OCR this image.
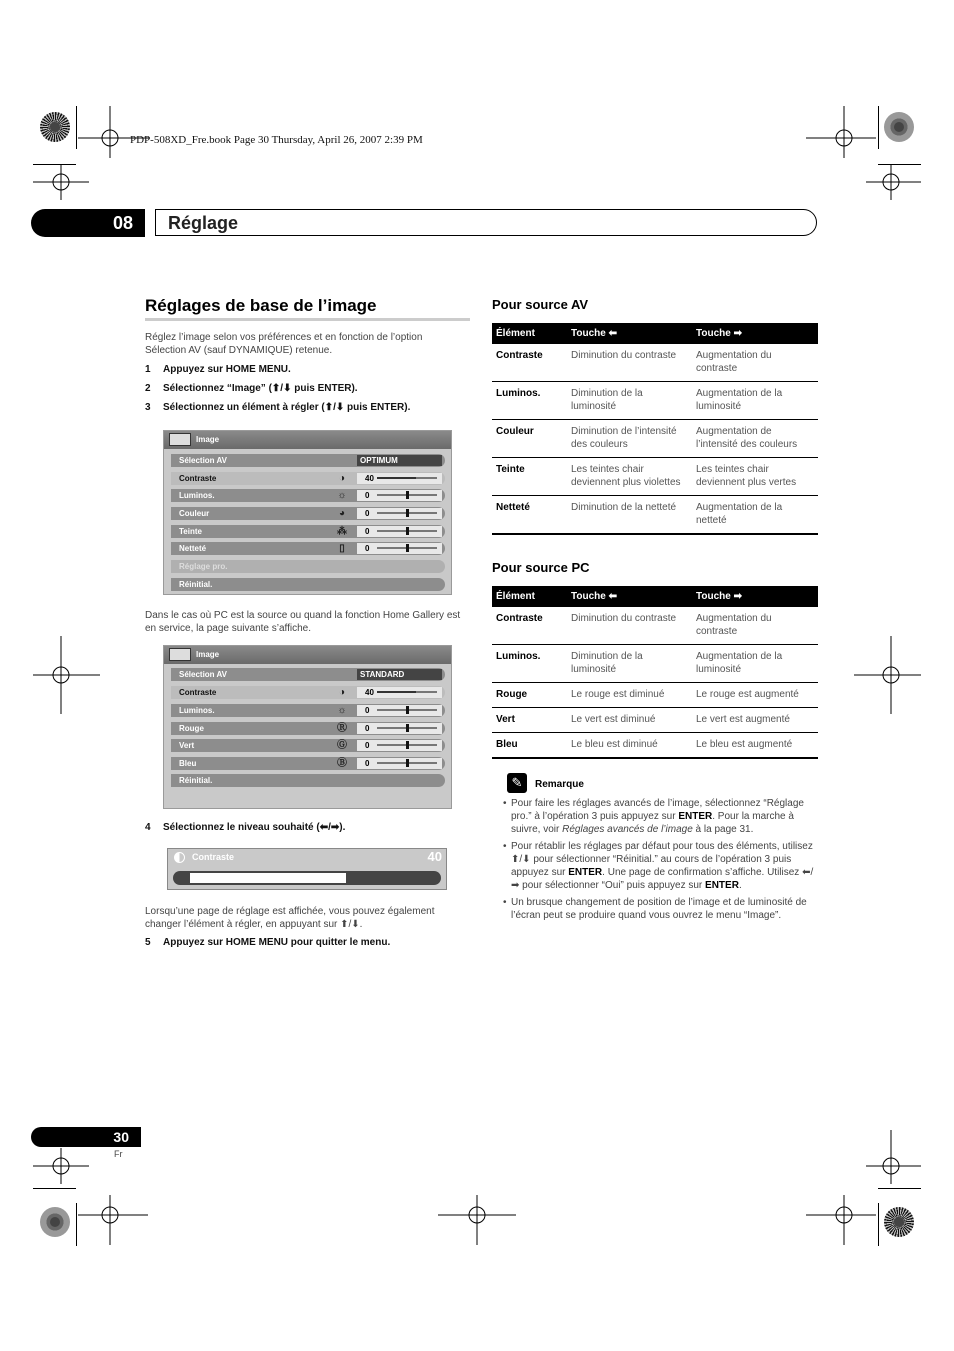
PDP-508XD_Fre.book Page 30 Thursday, April 26, 2007 2:39 PM
08	Réglage
Réglages de base de l’image
Réglez l’image selon vos préférences et en fonction de l’option Sélection AV (sauf DYNAMIQUE) retenue.
1 Appuyez sur HOME MENU.
2 Sélectionnez “Image” (⬆/⬇ puis ENTER).
3 Sélectionnez un élément à régler (⬆/⬇ puis ENTER).
Image
Sélection AV	OPTIMUM
Contraste	◑	40
Luminos.	☼	0
Couleur	◕	0
Teinte	⁂	0
Netteté	▯	0
Réglage pro.
Réinitial.
Dans le cas où PC est la source ou quand la fonction Home Gallery est en service, la page suivante s’affiche.
Image
Sélection AV	STANDARD
Contraste	◑	40
Luminos.	☼	0
Rouge	Ⓡ	0
Vert	Ⓖ	0
Bleu	Ⓑ	0
Réinitial.
4 Sélectionnez le niveau souhaité (⬅/➡).
Contraste	40
Lorsqu’une page de réglage est affichée, vous pouvez également changer l’élément à régler, en appuyant sur ⬆/⬇.
5 Appuyez sur HOME MENU pour quitter le menu.
Pour source AV
Élément	Touche ⬅	Touche ➡
Contraste	Diminution du contraste	Augmentation du contraste
Luminos.	Diminution de la luminosité	Augmentation de la luminosité
Couleur	Diminution de l’intensité des couleurs	Augmentation de l’intensité des couleurs
Teinte	Les teintes chair deviennent plus violettes	Les teintes chair deviennent plus vertes
Netteté	Diminution de la netteté	Augmentation de la netteté
Pour source PC
Élément	Touche ⬅	Touche ➡
Contraste	Diminution du contraste	Augmentation du contraste
Luminos.	Diminution de la luminosité	Augmentation de la luminosité
Rouge	Le rouge est diminué	Le rouge est augmenté
Vert	Le vert est diminué	Le vert est augmenté
Bleu	Le bleu est diminué	Le bleu est augmenté
✎	Remarque
• Pour faire les réglages avancés de l’image, sélectionnez “Réglage pro.” à l’opération 3 puis appuyez sur ENTER. Pour la marche à suivre, voir Réglages avancés de l’image à la page 31.
• Pour rétablir les réglages par défaut pour tous des éléments, utilisez ⬆/⬇ pour sélectionner “Réinitial.” au cours de l’opération 3 puis appuyez sur ENTER. Une page de confirmation s’affiche. Utilisez ⬅/➡ pour sélectionner “Oui” puis appuyez sur ENTER.
• Un brusque changement de position de l’image et de luminosité de l’écran peut se produire quand vous ouvrez le menu “Image”.
30
Fr
